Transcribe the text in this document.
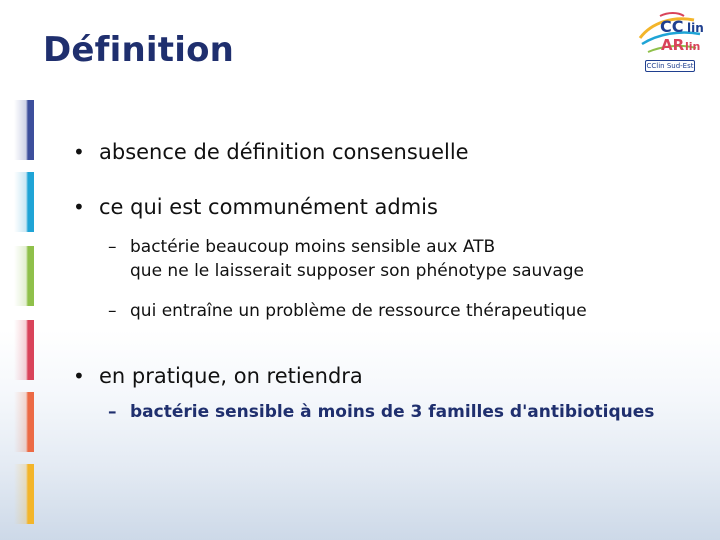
Définition
CC lin
AR lin
CClin Sud-Est
• absence de définition consensuelle
• ce qui est communément admis
– bactérie beaucoup moins sensible aux ATB
que ne le laisserait supposer son phénotype sauvage
– qui entraîne un problème de ressource thérapeutique
• en pratique, on retiendra
– bactérie sensible à moins de 3 familles d'antibiotiques
